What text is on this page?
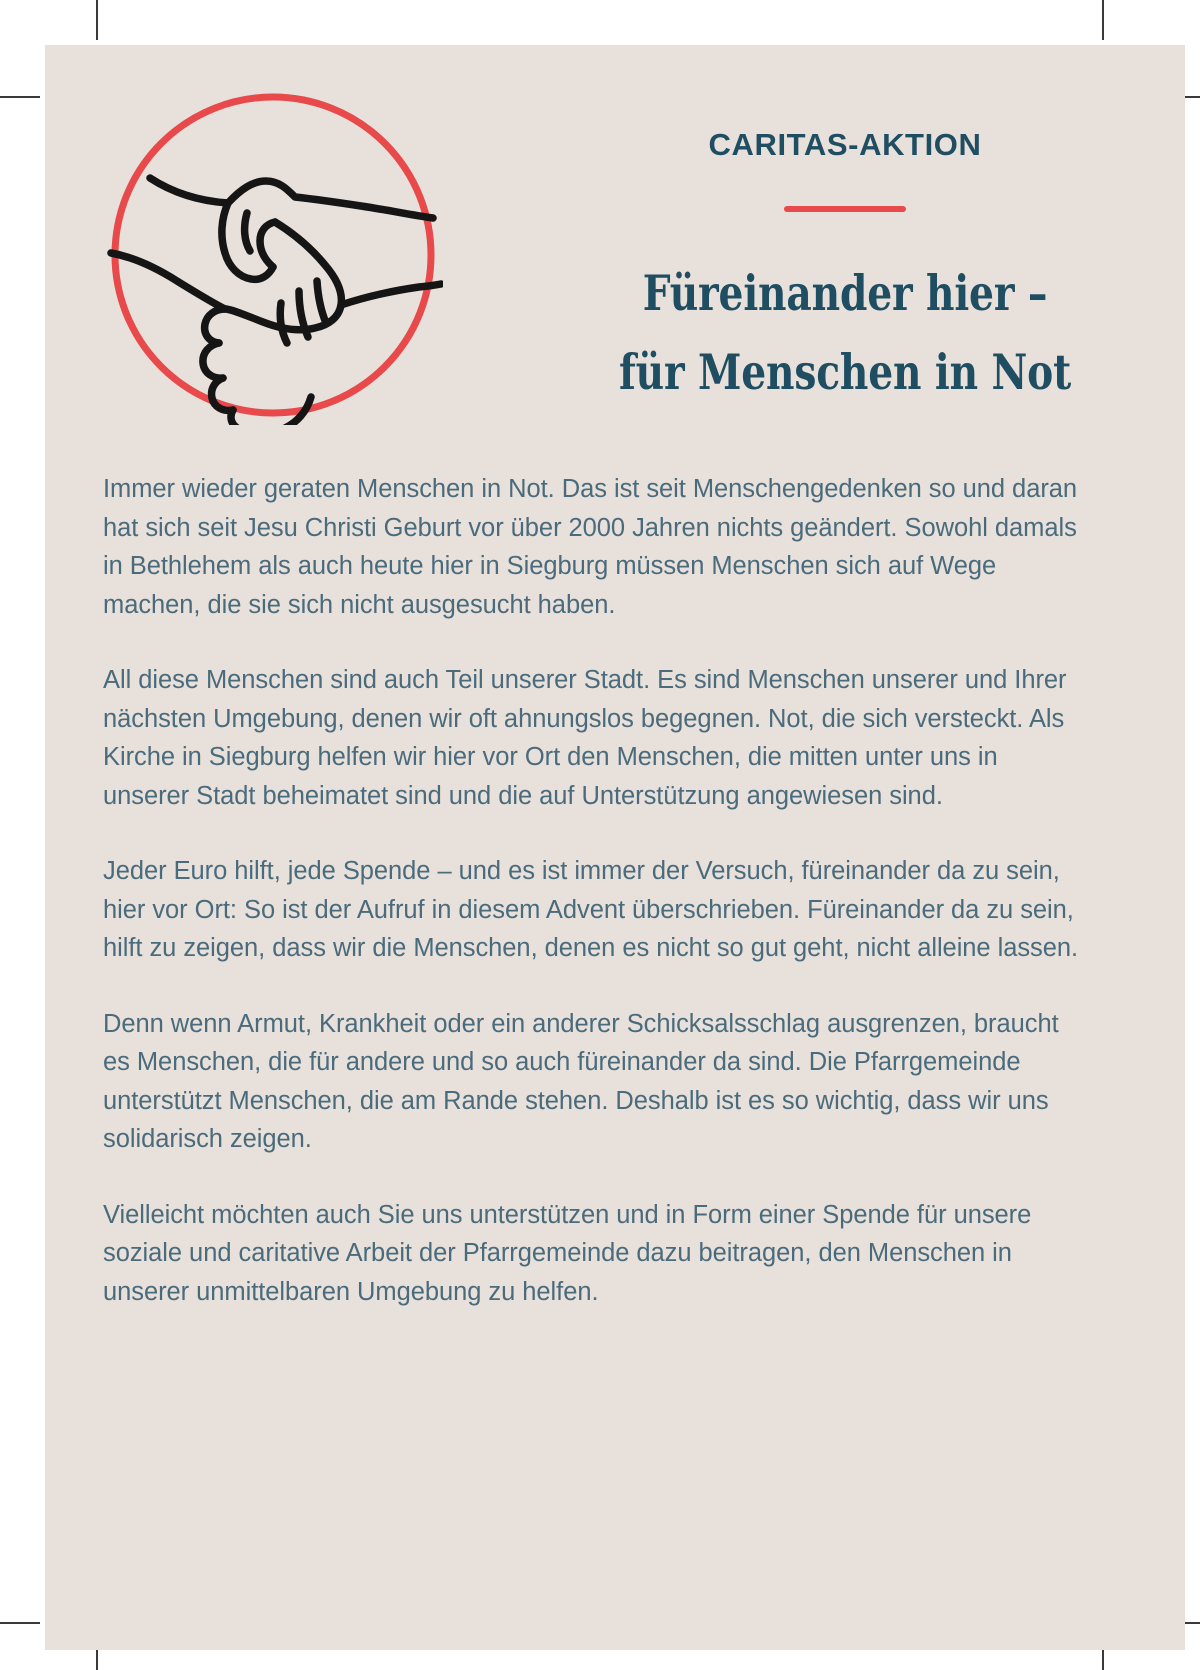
CARITAS-AKTION
Füreinander hier –
für Menschen in Not

Immer wieder geraten Menschen in Not. Das ist seit Menschengedenken so und daran hat sich seit Jesu Christi Geburt vor über 2000 Jahren nichts geändert. Sowohl damals in Bethlehem als auch heute hier in Siegburg müssen Menschen sich auf Wege machen, die sie sich nicht ausgesucht haben.

All diese Menschen sind auch Teil unserer Stadt. Es sind Menschen unserer und Ihrer nächsten Umgebung, denen wir oft ahnungslos begegnen. Not, die sich versteckt. Als Kirche in Siegburg helfen wir hier vor Ort den Menschen, die mitten unter uns in unserer Stadt beheimatet sind und die auf Unterstützung angewiesen sind.

Jeder Euro hilft, jede Spende – und es ist immer der Versuch, füreinander da zu sein, hier vor Ort: So ist der Aufruf in diesem Advent überschrieben. Füreinander da zu sein, hilft zu zeigen, dass wir die Menschen, denen es nicht so gut geht, nicht alleine lassen.

Denn wenn Armut, Krankheit oder ein anderer Schicksalsschlag ausgrenzen, braucht es Menschen, die für andere und so auch füreinander da sind. Die Pfarrgemeinde unterstützt Menschen, die am Rande stehen. Deshalb ist es so wichtig, dass wir uns solidarisch zeigen.

Vielleicht möchten auch Sie uns unterstützen und in Form einer Spende für unsere soziale und caritative Arbeit der Pfarrgemeinde dazu beitragen, den Menschen in unserer unmittelbaren Umgebung zu helfen.
